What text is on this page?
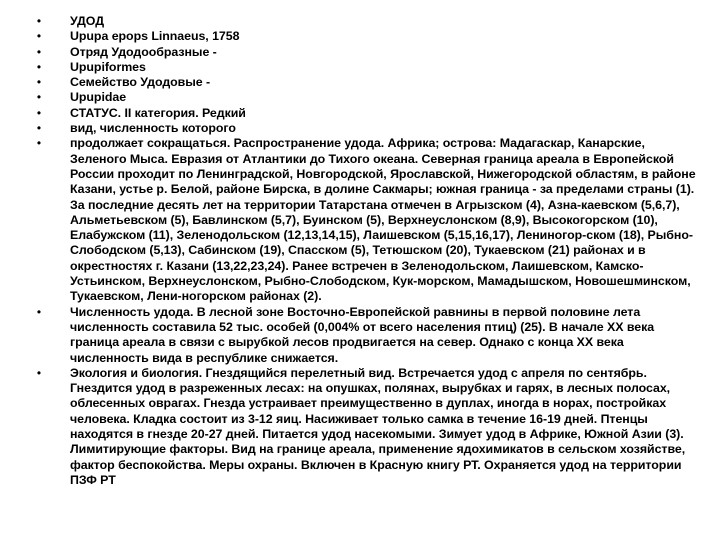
• УДОД
• Upupa epops Linnaeus, 1758
• Отряд Удодообразные -
• Upupiformes
• Семейство Удодовые -
• Upupidae
• СТАТУС. II категория. Редкий
• вид, численность которого
• продолжает сокращаться. Распространение удода. Африка; острова: Мадагаскар, Канарские, Зеленого Мыса. Евразия от Атлантики до Тихого океана. Северная граница ареала в Европейской России проходит по Ленинградской, Новгородской, Ярославской, Нижегородской областям, в районе Казани, устье р. Белой, районе Бирска, в долине Сакмары; южная граница - за пределами страны (1). За последние десять лет на территории Татарстана отмечен в Агрызском (4), Азна-каевском (5,6,7), Альметьевском (5), Бавлинском (5,7), Буинском (5), Верхнеуслонском (8,9), Высокогорском (10), Елабужском (11), Зеленодольском (12,13,14,15), Лаишевском (5,15,16,17), Лениногор-ском (18), Рыбно-Слободском (5,13), Сабинском (19), Спасском (5), Тетюшском (20), Тукаевском (21) районах и в окрестностях г. Казани (13,22,23,24). Ранее встречен в Зеленодольском, Лаишевском, Камско-Устьинском, Верхнеуслонском, Рыбно-Слободском, Кук-морском, Мамадышском, Новошешминском, Тукаевском, Лени-ногорском районах (2).
• Численность удода. В лесной зоне Восточно-Европейской равнины в первой половине лета численность составила 52 тыс. особей (0,004% от всего населения птиц) (25). В начале XX века граница ареала в связи с вырубкой лесов продвигается на север. Однако с конца XX века численность вида в республике снижается.
• Экология и биология. Гнездящийся перелетный вид. Встречается удод с апреля по сентябрь. Гнездится удод в разреженных лесах: на опушках, полянах, вырубках и гарях, в лесных полосах, облесенных оврагах. Гнезда устраивает преимущественно в дуплах, иногда в норах, постройках человека. Кладка состоит из 3-12 яиц. Насиживает только самка в течение 16-19 дней. Птенцы находятся в гнезде 20-27 дней. Питается удод насекомыми. Зимует удод в Африке, Южной Азии (3). Лимитирующие факторы. Вид на границе ареала, применение ядохимикатов в сельском хозяйстве, фактор беспокойства. Меры охраны. Включен в Красную книгу РТ. Охраняется удод на территории ПЗФ РТ
